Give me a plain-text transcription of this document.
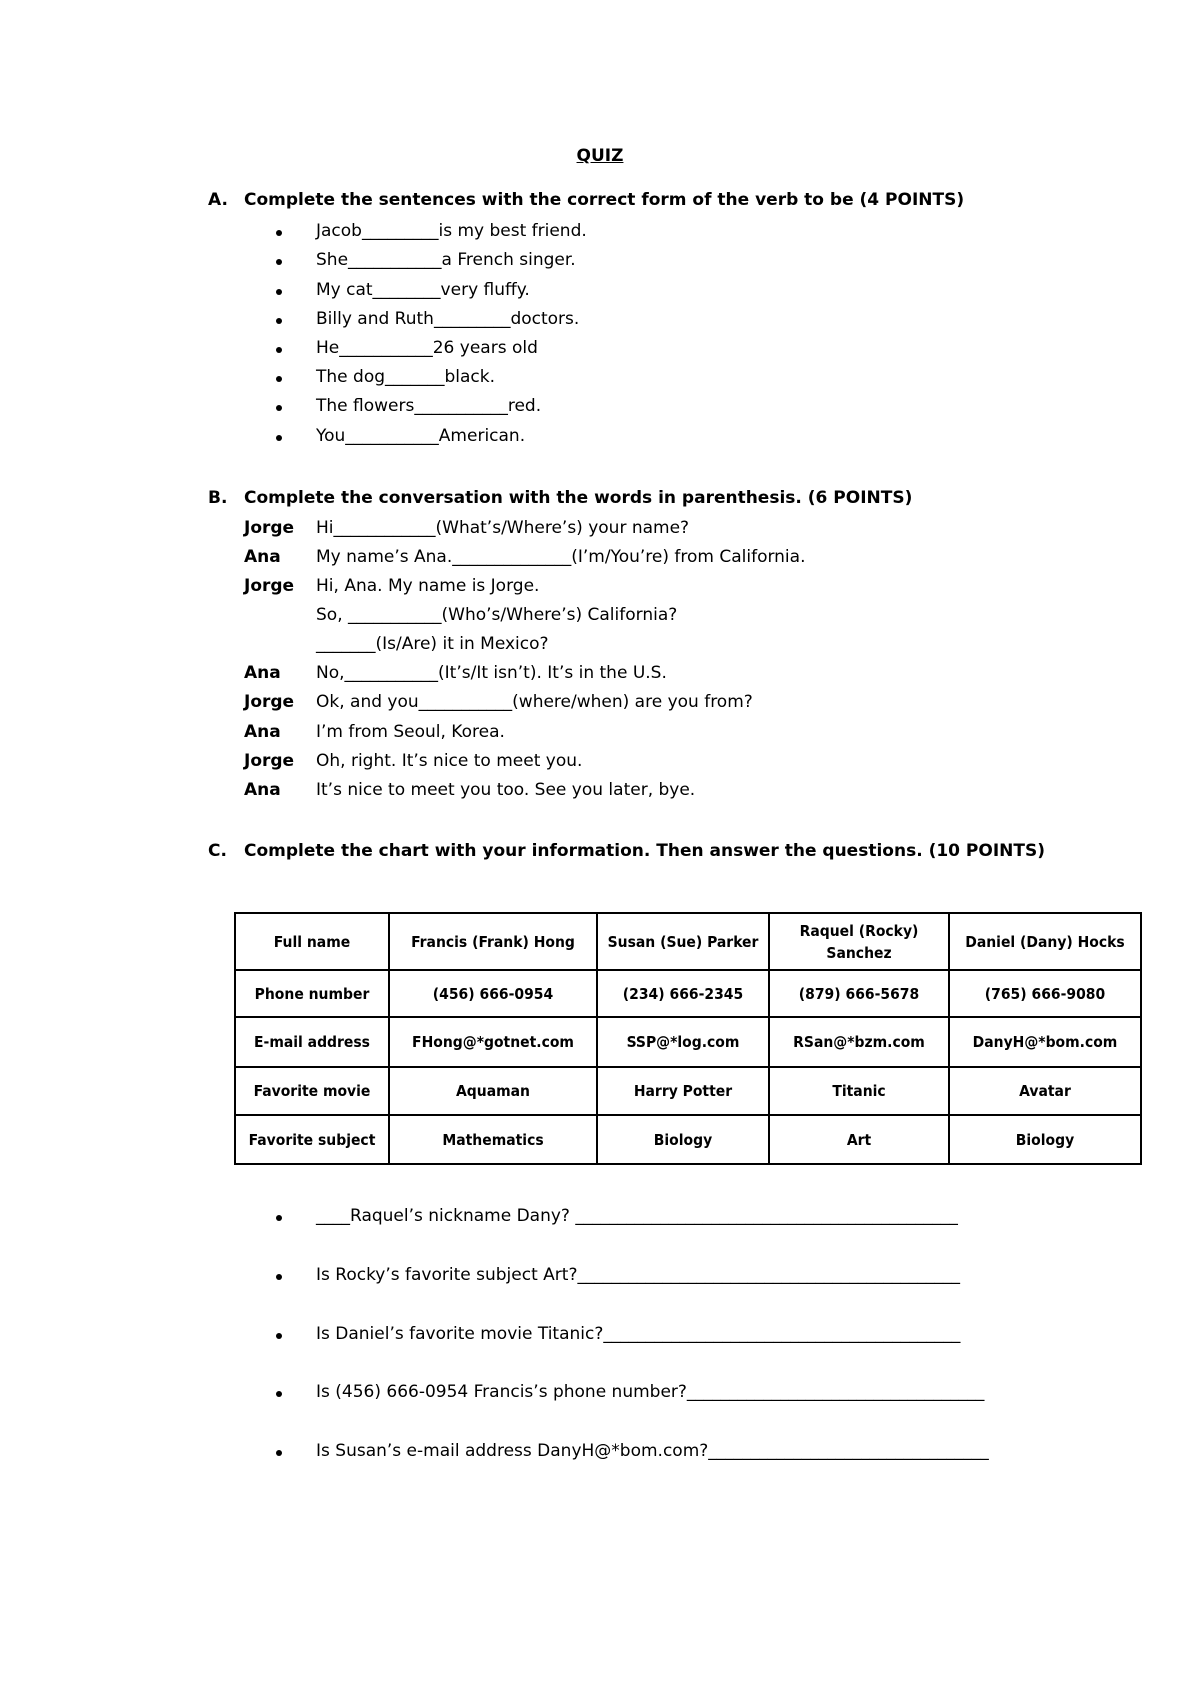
QUIZ
A. Complete the sentences with the correct form of the verb to be (4 POINTS)
Jacob_________is my best friend.
She___________a French singer.
My cat________very fluffy.
Billy and Ruth_________doctors.
He___________26 years old
The dog_______black.
The flowers___________red.
You___________American.
B. Complete the conversation with the words in parenthesis. (6 POINTS)
Jorge Hi____________(What’s/Where’s) your name?
Ana My name’s Ana.______________(I’m/You’re) from California.
Jorge Hi, Ana. My name is Jorge.
So, ___________(Who’s/Where’s) California?
_______(Is/Are) it in Mexico?
Ana No,___________(It’s/It isn’t). It’s in the U.S.
Jorge Ok, and you___________(where/when) are you from?
Ana I’m from Seoul, Korea.
Jorge Oh, right. It’s nice to meet you.
Ana It’s nice to meet you too. See you later, bye.
C. Complete the chart with your information. Then answer the questions. (10 POINTS)
Full name	Francis (Frank) Hong	Susan (Sue) Parker	Raquel (Rocky) Sanchez	Daniel (Dany) Hocks
Phone number	(456) 666-0954	(234) 666-2345	(879) 666-5678	(765) 666-9080
E-mail address	FHong@*gotnet.com	SSP@*log.com	RSan@*bzm.com	DanyH@*bom.com
Favorite movie	Aquaman	Harry Potter	Titanic	Avatar
Favorite subject	Mathematics	Biology	Art	Biology
____Raquel’s nickname Dany? _____________________________________________
Is Rocky’s favorite subject Art?_____________________________________________
Is Daniel’s favorite movie Titanic?__________________________________________
Is (456) 666-0954 Francis’s phone number?___________________________________
Is Susan’s e-mail address DanyH@*bom.com?_________________________________
